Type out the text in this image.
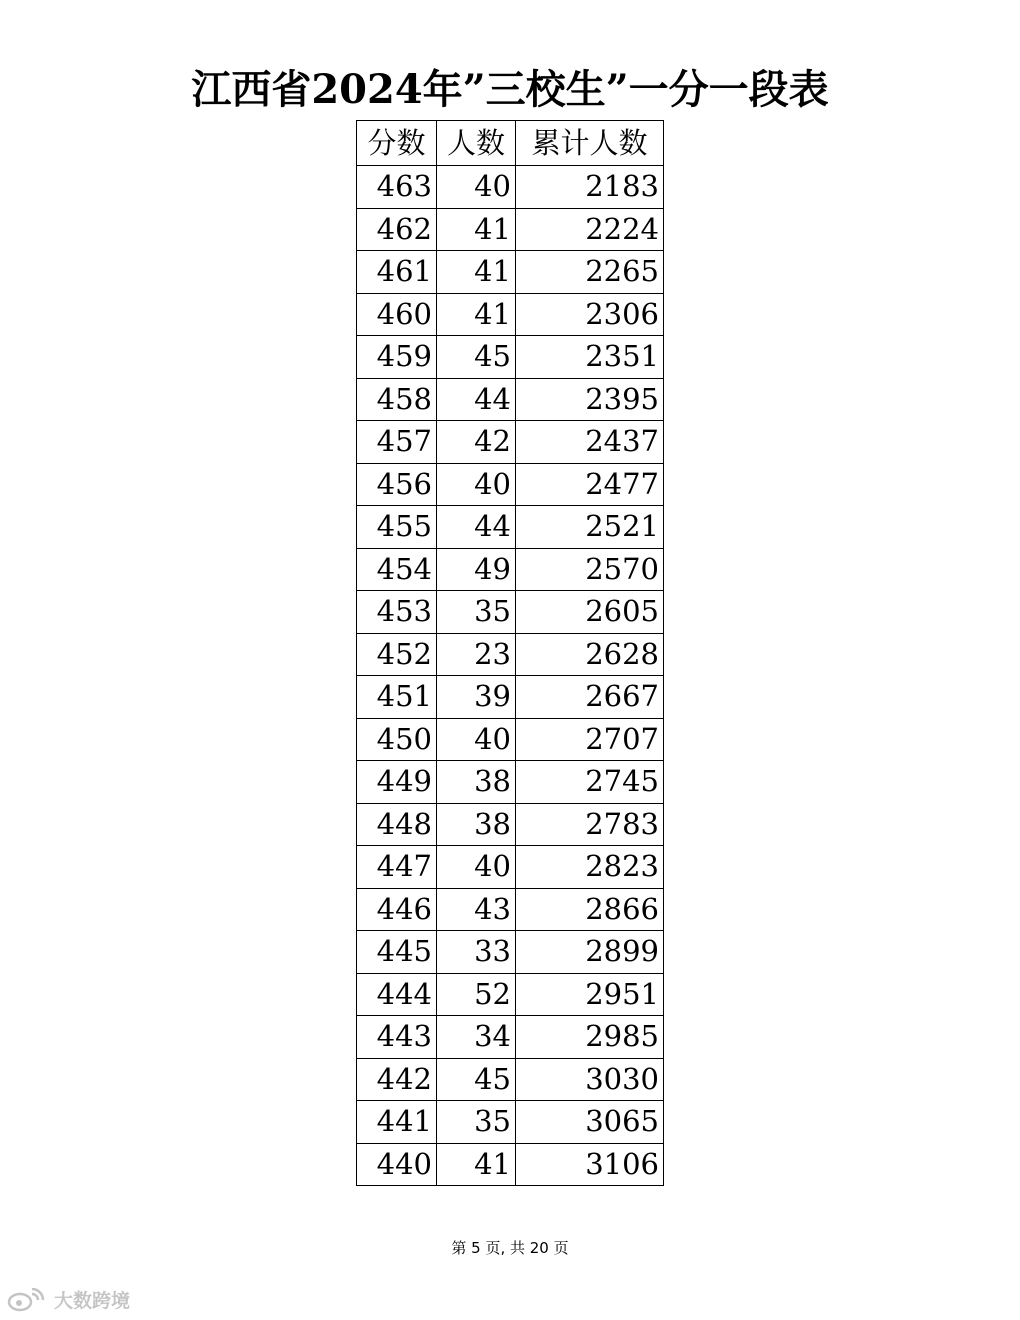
江西省2024年”三校生”一分一段表
分数	人数	累计人数
463	40	2183
462	41	2224
461	41	2265
460	41	2306
459	45	2351
458	44	2395
457	42	2437
456	40	2477
455	44	2521
454	49	2570
453	35	2605
452	23	2628
451	39	2667
450	40	2707
449	38	2745
448	38	2783
447	40	2823
446	43	2866
445	33	2899
444	52	2951
443	34	2985
442	45	3030
441	35	3065
440	41	3106
第 5 页, 共 20 页
大数跨境
